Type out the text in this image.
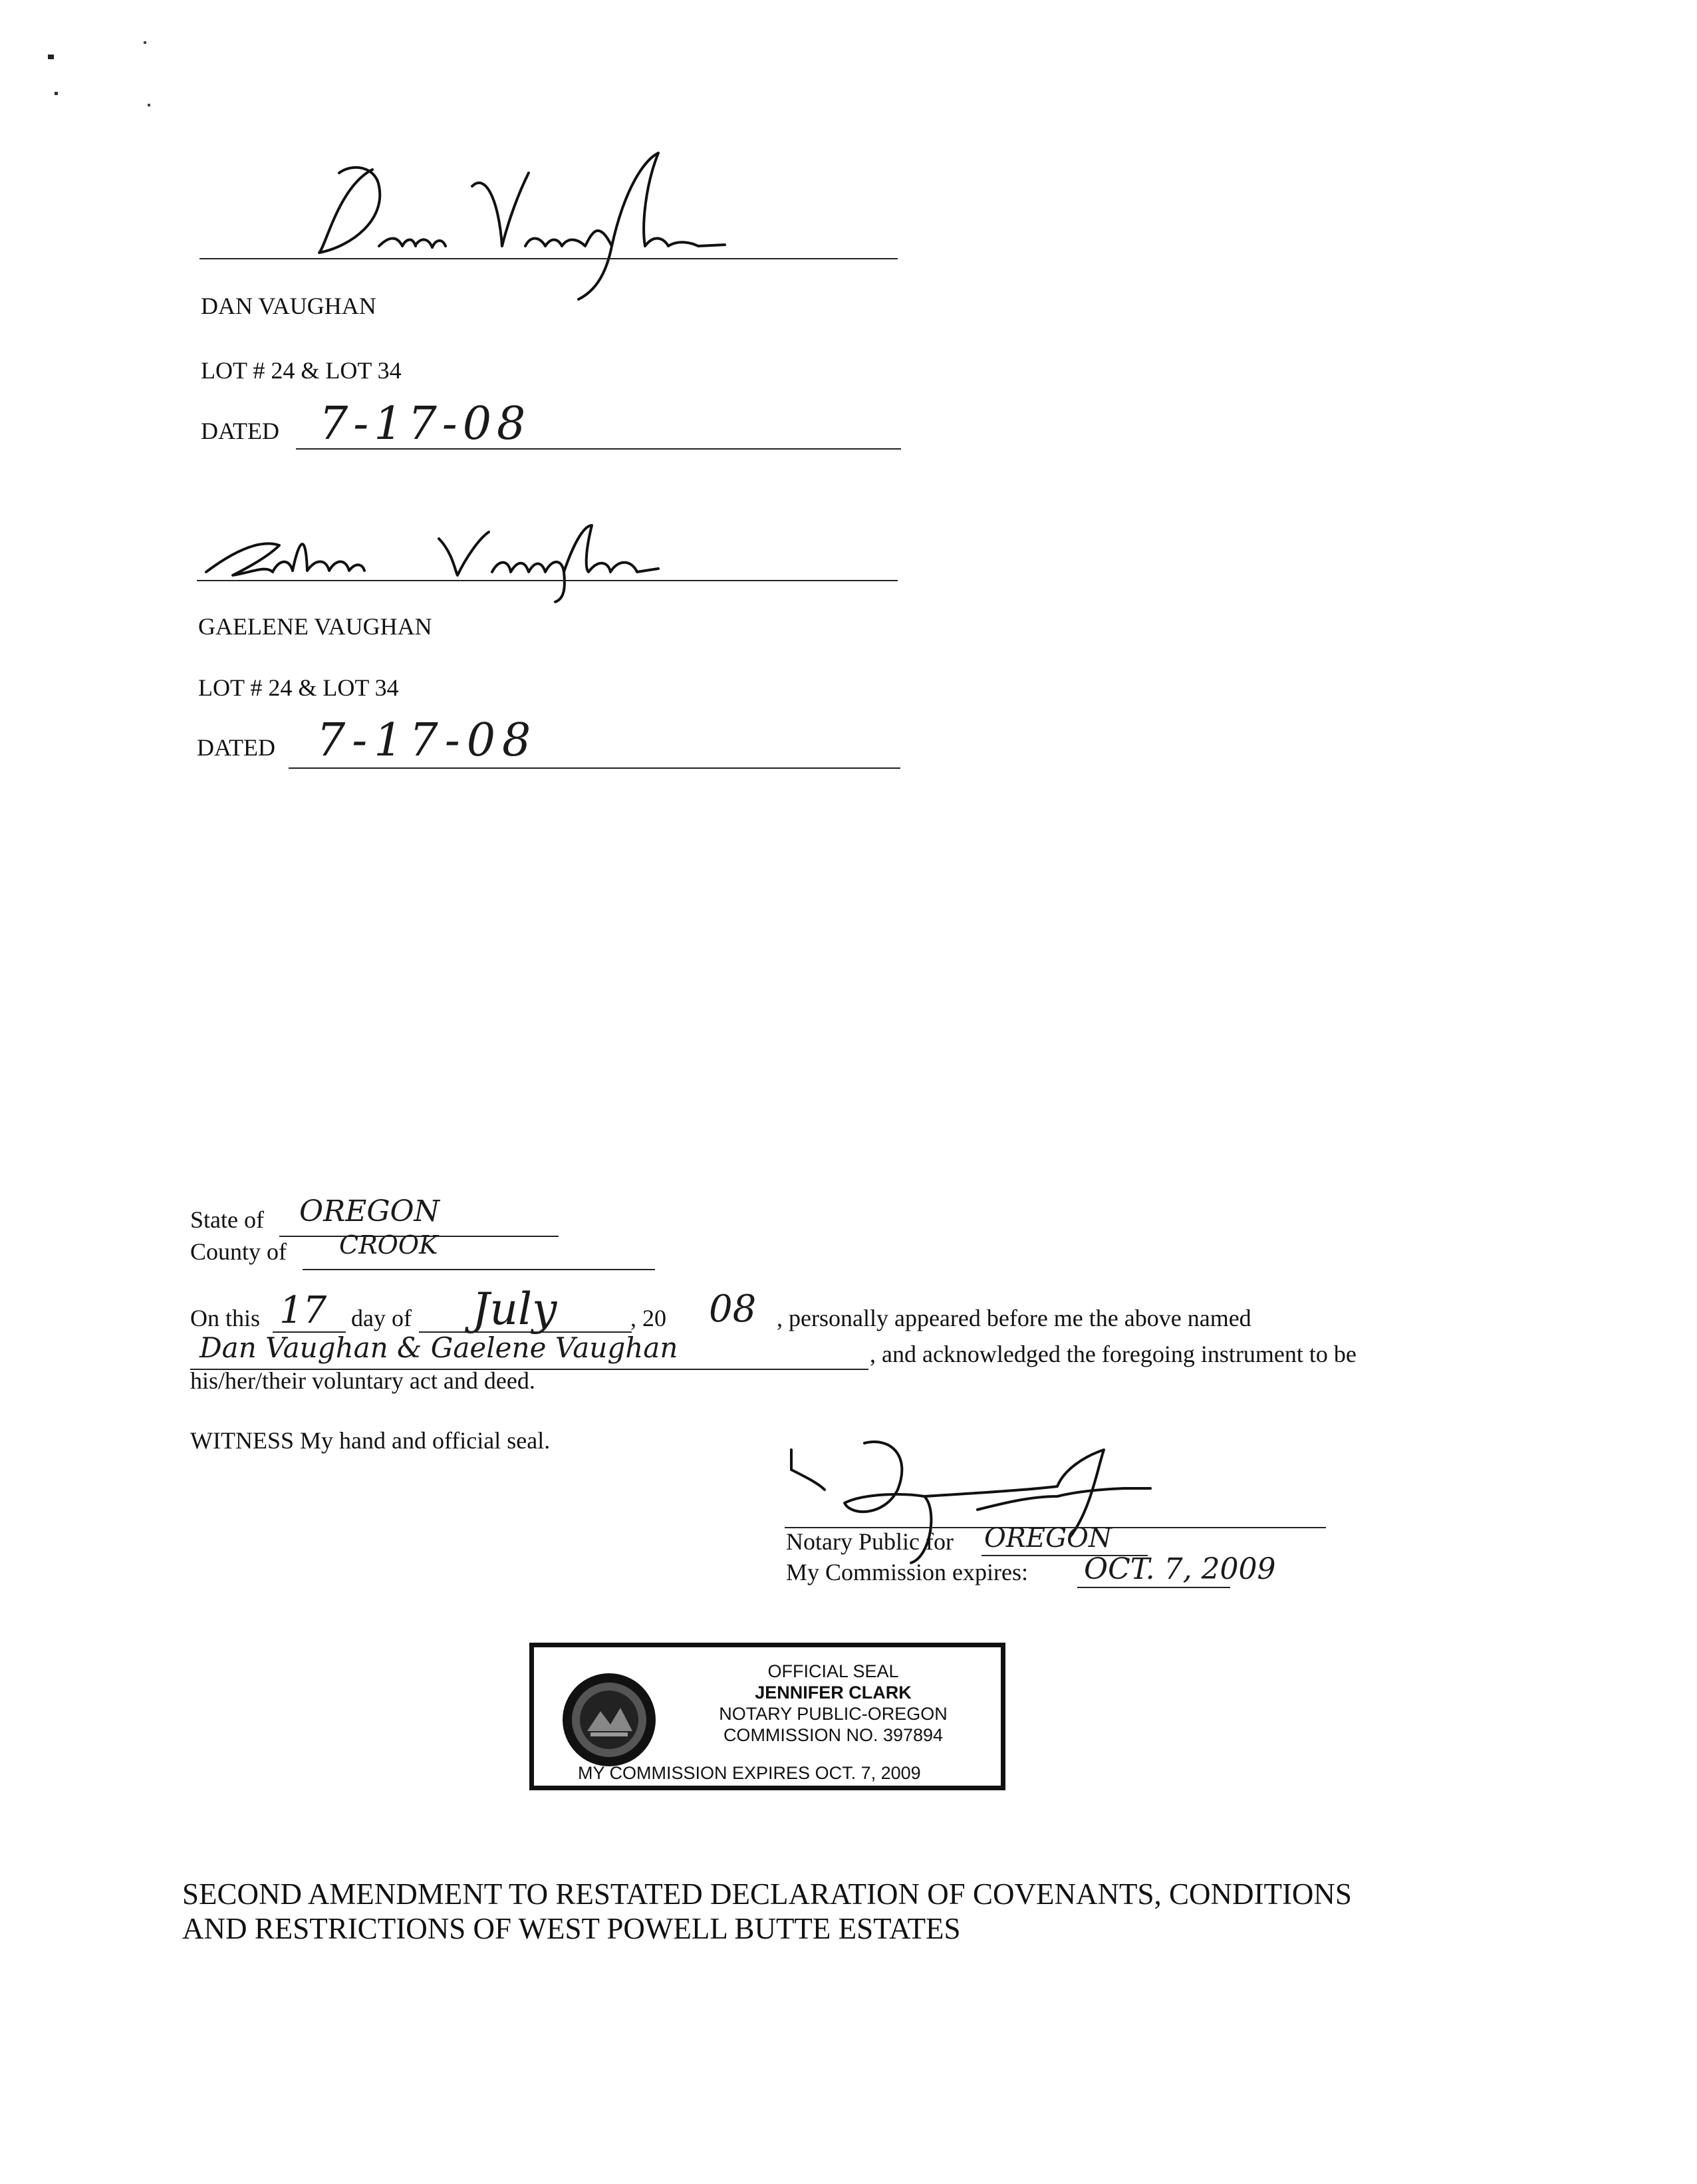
DAN VAUGHAN
LOT # 24 & LOT 34
DATED 7-17-08
GAELENE VAUGHAN
LOT # 24 & LOT 34
DATED 7-17-08
State of OREGON
County of CROOK
On this 17 day of July	, 20 08 , personally appeared before me the above named
Dan Vaughan & Gaelene Vaughan	, and acknowledged the foregoing instrument to be
his/her/their voluntary act and deed.
WITNESS My hand and official seal.
Notary Public for OREGON
My Commission expires: OCT. 7, 2009
OFFICIAL SEAL
JENNIFER CLARK
NOTARY PUBLIC-OREGON
COMMISSION NO. 397894
MY COMMISSION EXPIRES OCT. 7, 2009
SECOND AMENDMENT TO RESTATED DECLARATION OF COVENANTS, CONDITIONS
AND RESTRICTIONS OF WEST POWELL BUTTE ESTATES
